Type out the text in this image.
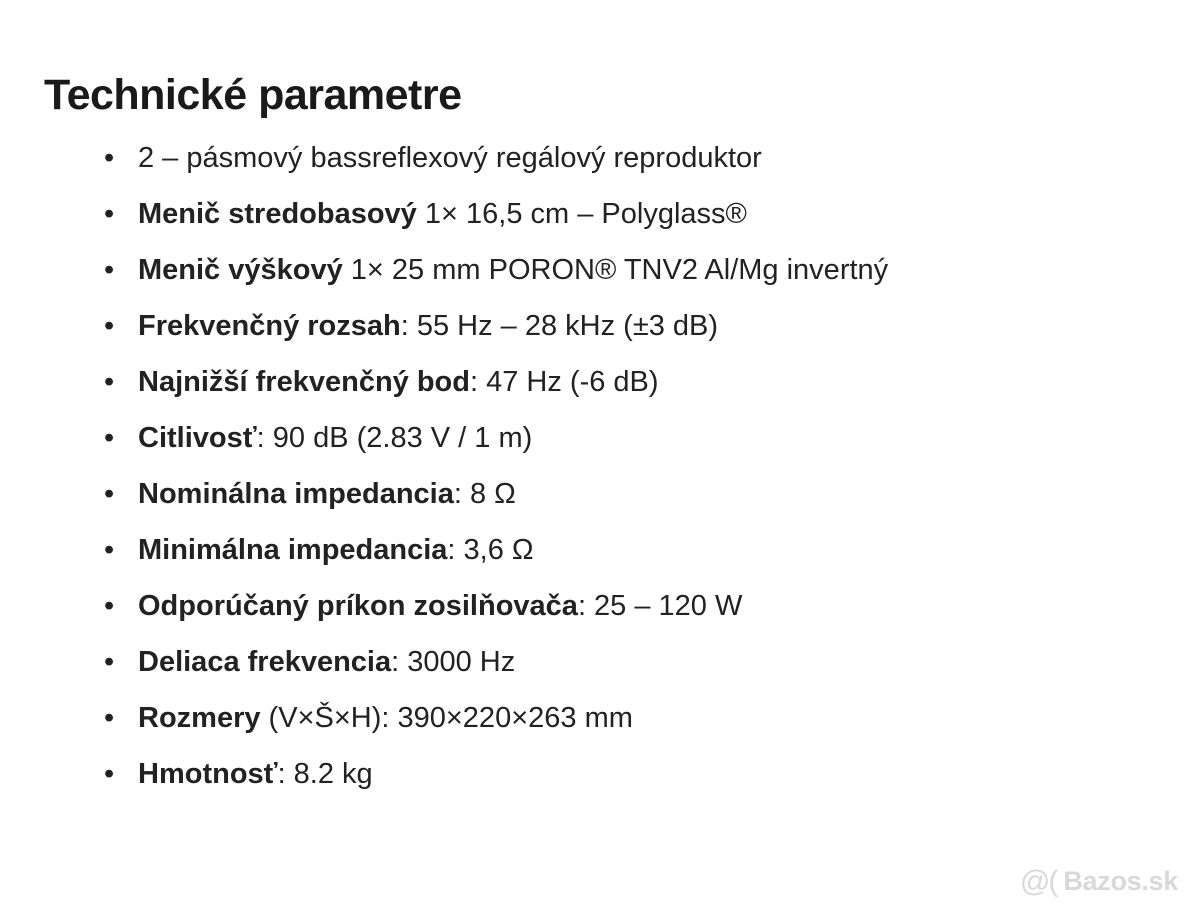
Technické parametre
• 2 – pásmový bassreflexový regálový reproduktor
• Menič stredobasový 1× 16,5 cm – Polyglass®
• Menič výškový 1× 25 mm PORON® TNV2 Al/Mg invertný
• Frekvenčný rozsah: 55 Hz – 28 kHz (±3 dB)
• Najnižší frekvenčný bod: 47 Hz (-6 dB)
• Citlivosť: 90 dB (2.83 V / 1 m)
• Nominálna impedancia: 8 Ω
• Minimálna impedancia: 3,6 Ω
• Odporúčaný príkon zosilňovača: 25 – 120 W
• Deliaca frekvencia: 3000 Hz
• Rozmery (V×Š×H): 390×220×263 mm
• Hmotnosť: 8.2 kg
@( Bazos.sk
